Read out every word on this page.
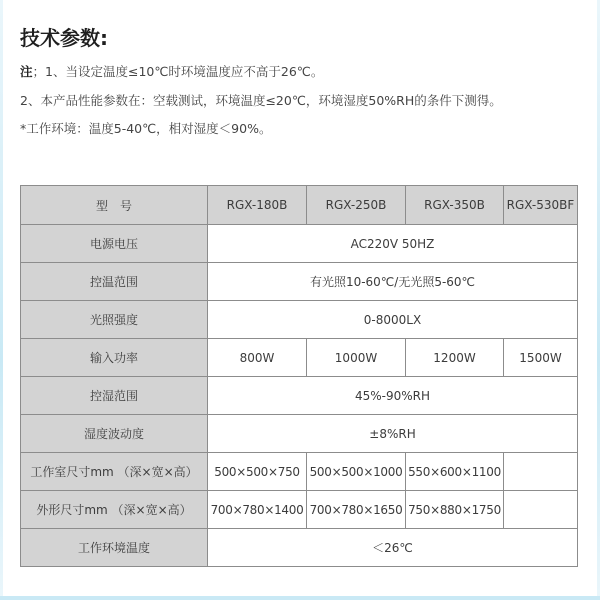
技术参数:
注；1、当设定温度≤10℃时环境温度应不高于26℃。
2、本产品性能参数在：空载测试，环境温度≤20℃，环境湿度50%RH的条件下测得。
*工作环境：温度5-40℃，相对湿度＜90%。
型　号	RGX-180B	RGX-250B	RGX-350B	RGX-530BF
电源电压	AC220V 50HZ			
控温范围	有光照10-60℃/无光照5-60℃			
光照强度	0-8000LX			
输入功率	800W	1000W	1200W	1500W
控湿范围	45%-90%RH			
湿度波动度	±8%RH			
工作室尺寸mm （深×宽×高）	500×500×750	500×500×1000	550×600×1100	
外形尺寸mm （深×宽×高）	700×780×1400	700×780×1650	750×880×1750	
工作环境温度	＜26℃			
